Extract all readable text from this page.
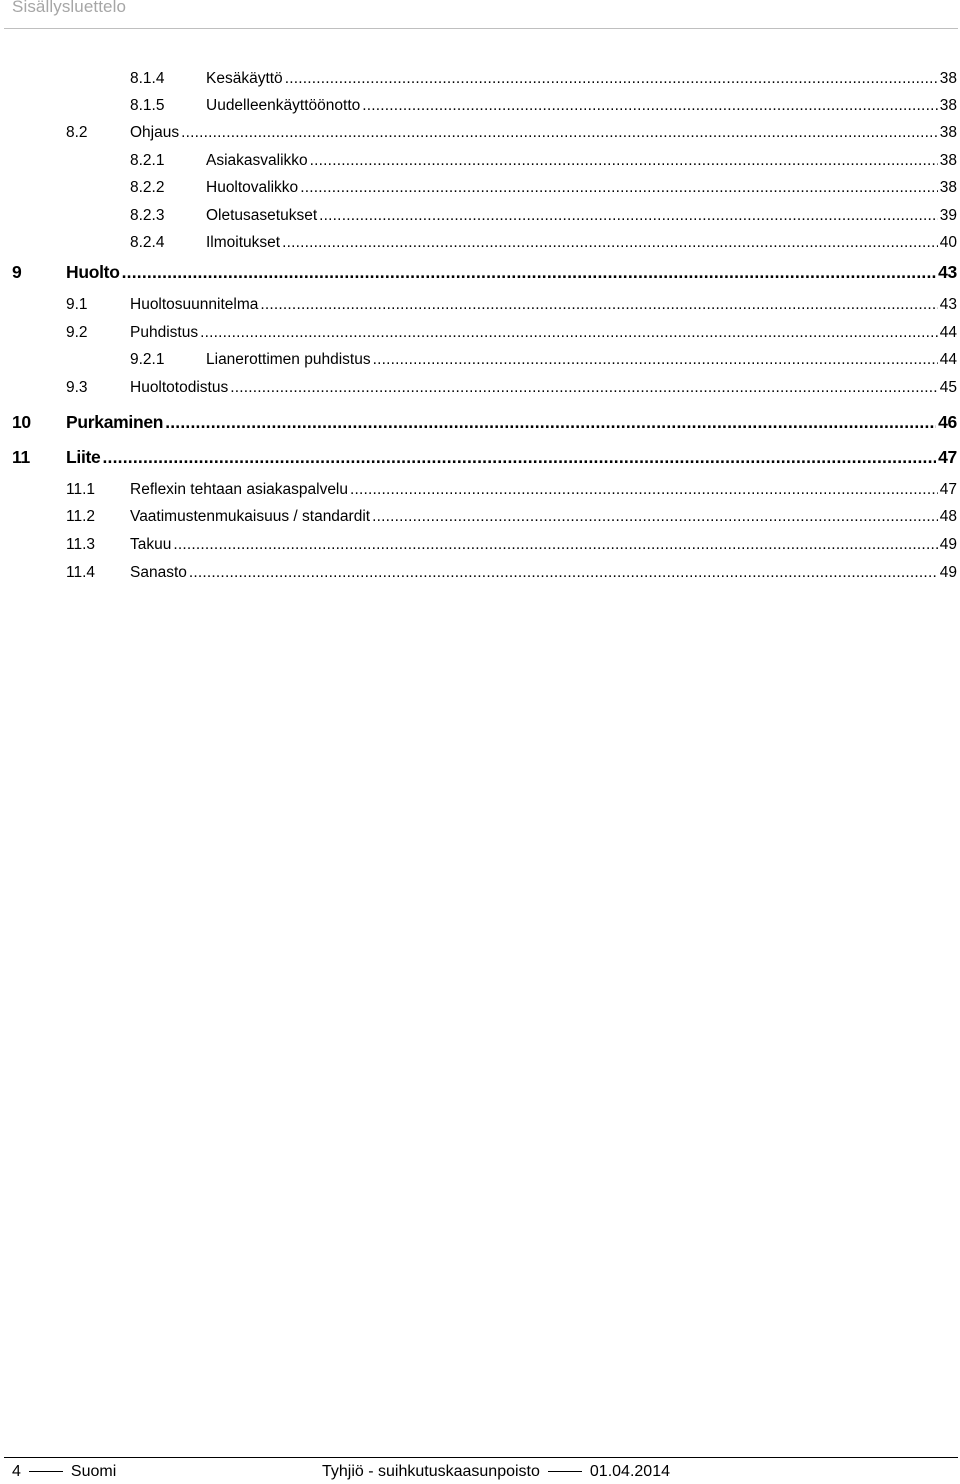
Sisällysluettelo
8.1.4	Kesäkäyttö .....	38
8.1.5	Uudelleenkäyttöönotto .....	38
8.2	Ohjaus .....	38
8.2.1	Asiakasvalikko .....	38
8.2.2	Huoltovalikko .....	38
8.2.3	Oletusasetukset .....	39
8.2.4	Ilmoitukset .....	40
9	Huolto .....	43
9.1	Huoltosuunnitelma .....	43
9.2	Puhdistus .....	44
9.2.1	Lianerottimen puhdistus .....	44
9.3	Huoltotodistus .....	45
10 Purkaminen .....	46
11 Liite .....	47
11.1 Reflexin tehtaan asiakaspalvelu .....	47
11.2 Vaatimustenmukaisuus / standardit .....	48
11.3 Takuu .....	49
11.4 Sanasto .....	49
4	Suomi	Tyhjiö - suihkutuskaasunpoisto	01.04.2014
